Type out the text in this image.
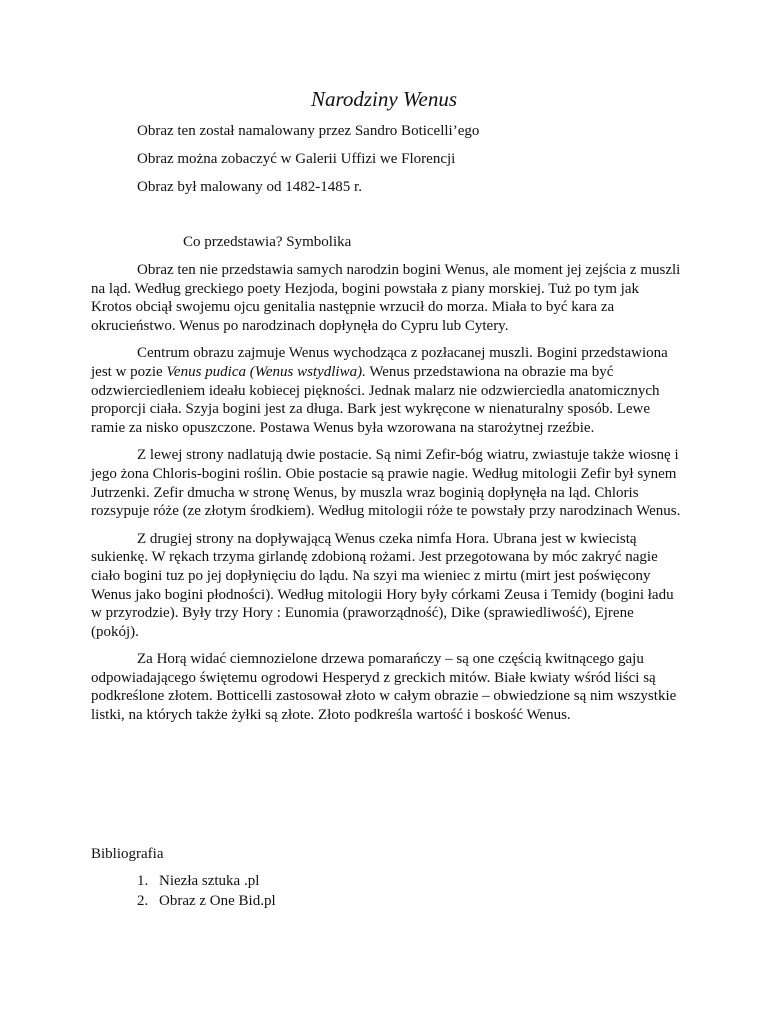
Narodziny Wenus
Obraz ten został namalowany przez Sandro Boticelli’ego
Obraz można zobaczyć w Galerii Uffizi we Florencji
Obraz był malowany od 1482-1485 r.
Co przedstawia? Symbolika

Obraz ten nie przedstawia samych narodzin bogini Wenus, ale moment jej zejścia z muszli na ląd. Według greckiego poety Hezjoda, bogini powstała z piany morskiej. Tuż po tym jak Krotos obciął swojemu ojcu genitalia następnie wrzucił do morza. Miała to być kara za okrucieństwo. Wenus po narodzinach dopłynęła do Cypru lub Cytery.

Centrum obrazu zajmuje Wenus wychodząca z pozłacanej muszli. Bogini przedstawiona jest w pozie Venus pudica (Wenus wstydliwa). Wenus przedstawiona na obrazie ma być odzwierciedleniem ideału kobiecej piękności. Jednak malarz nie odzwierciedla anatomicznych proporcji ciała. Szyja bogini jest za długa. Bark jest wykręcone w nienaturalny sposób. Lewe ramie za nisko opuszczone. Postawa Wenus była wzorowana na starożytnej rzeźbie.

Z lewej strony nadlatują dwie postacie. Są nimi Zefir-bóg wiatru, zwiastuje także wiosnę i jego żona Chloris-bogini roślin. Obie postacie są prawie nagie. Według mitologii Zefir był synem Jutrzenki. Zefir dmucha w stronę Wenus, by muszla wraz boginią dopłynęła na ląd. Chloris rozsypuje róże (ze złotym środkiem). Według mitologii róże te powstały przy narodzinach Wenus.

Z drugiej strony na dopływającą Wenus czeka nimfa Hora. Ubrana jest w kwiecistą sukienkę. W rękach trzyma girlandę zdobioną rożami. Jest przegotowana by móc zakryć nagie ciało bogini tuz po jej dopłynięciu do lądu. Na szyi ma wieniec z mirtu (mirt jest poświęcony Wenus jako bogini płodności). Według mitologii Hory były córkami Zeusa i Temidy (bogini ładu w przyrodzie). Były trzy Hory : Eunomia (praworządność), Dike (sprawiedliwość), Ejrene (pokój).

Za Horą widać ciemnozielone drzewa pomarańczy – są one częścią kwitnącego gaju odpowiadającego świętemu ogrodowi Hesperyd z greckich mitów. Białe kwiaty wśród liści są podkreślone złotem. Botticelli zastosował złoto w całym obrazie – obwiedzione są nim wszystkie listki, na których także żyłki są złote. Złoto podkreśla wartość i boskość Wenus.

Bibliografia
1. Niezła sztuka .pl
2. Obraz z One Bid.pl
